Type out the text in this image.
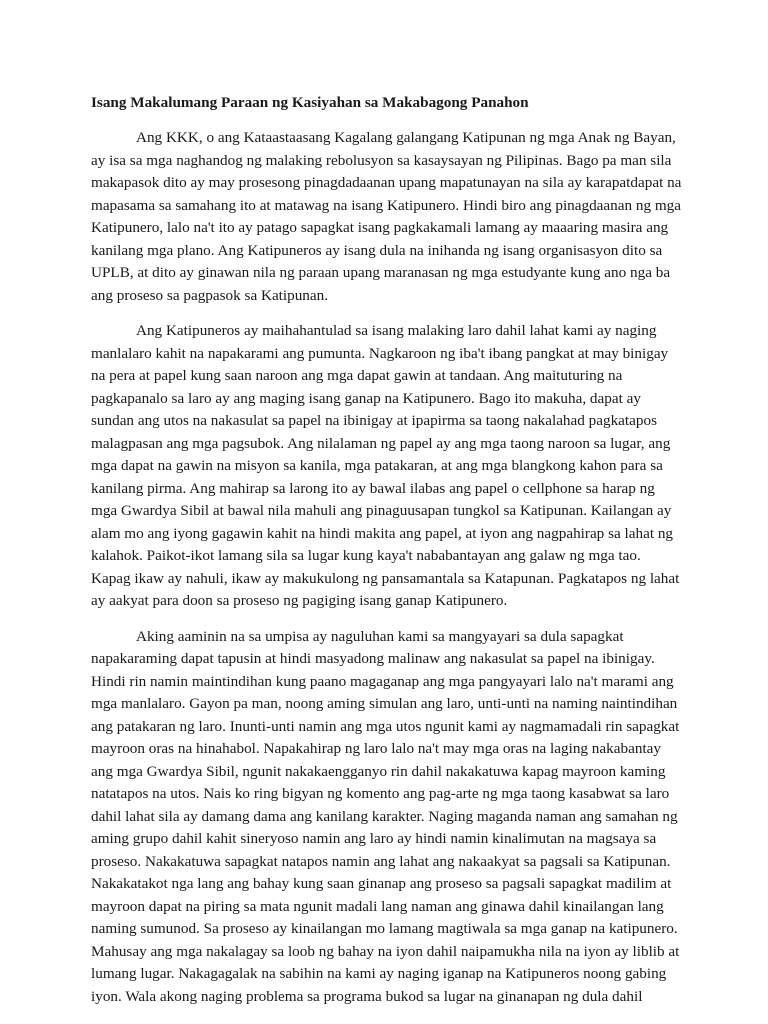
Isang Makalumang Paraan ng Kasiyahan sa Makabagong Panahon
Ang KKK, o ang Kataastaasang Kagalang galangang Katipunan ng mga Anak ng Bayan,
ay isa sa mga naghandog ng malaking rebolusyon sa kasaysayan ng Pilipinas. Bago pa man sila
makapasok dito ay may prosesong pinagdadaanan upang mapatunayan na sila ay karapatdapat na
mapasama sa samahang ito at matawag na isang Katipunero. Hindi biro ang pinagdaanan ng mga
Katipunero, lalo na't ito ay patago sapagkat isang pagkakamali lamang ay maaaring masira ang
kanilang mga plano. Ang Katipuneros ay isang dula na inihanda ng isang organisasyon dito sa
UPLB, at dito ay ginawan nila ng paraan upang maranasan ng mga estudyante kung ano nga ba
ang proseso sa pagpasok sa Katipunan.
Ang Katipuneros ay maihahantulad sa isang malaking laro dahil lahat kami ay naging
manlalaro kahit na napakarami ang pumunta. Nagkaroon ng iba't ibang pangkat at may binigay
na pera at papel kung saan naroon ang mga dapat gawin at tandaan. Ang maituturing na
pagkapanalo sa laro ay ang maging isang ganap na Katipunero. Bago ito makuha, dapat ay
sundan ang utos na nakasulat sa papel na ibinigay at ipapirma sa taong nakalahad pagkatapos
malagpasan ang mga pagsubok. Ang nilalaman ng papel ay ang mga taong naroon sa lugar, ang
mga dapat na gawin na misyon sa kanila, mga patakaran, at ang mga blangkong kahon para sa
kanilang pirma. Ang mahirap sa larong ito ay bawal ilabas ang papel o cellphone sa harap ng
mga Gwardya Sibil at bawal nila mahuli ang pinaguusapan tungkol sa Katipunan. Kailangan ay
alam mo ang iyong gagawin kahit na hindi makita ang papel, at iyon ang nagpahirap sa lahat ng
kalahok. Paikot-ikot lamang sila sa lugar kung kaya't nababantayan ang galaw ng mga tao.
Kapag ikaw ay nahuli, ikaw ay makukulong ng pansamantala sa Katapunan. Pagkatapos ng lahat
ay aakyat para doon sa proseso ng pagiging isang ganap Katipunero.
Aking aaminin na sa umpisa ay naguluhan kami sa mangyayari sa dula sapagkat
napakaraming dapat tapusin at hindi masyadong malinaw ang nakasulat sa papel na ibinigay.
Hindi rin namin maintindihan kung paano magaganap ang mga pangyayari lalo na't marami ang
mga manlalaro. Gayon pa man, noong aming simulan ang laro, unti-unti na naming naintindihan
ang patakaran ng laro. Inunti-unti namin ang mga utos ngunit kami ay nagmamadali rin sapagkat
mayroon oras na hinahabol. Napakahirap ng laro lalo na't may mga oras na laging nakabantay
ang mga Gwardya Sibil, ngunit nakakaengganyo rin dahil nakakatuwa kapag mayroon kaming
natatapos na utos. Nais ko ring bigyan ng komento ang pag-arte ng mga taong kasabwat sa laro
dahil lahat sila ay damang dama ang kanilang karakter. Naging maganda naman ang samahan ng
aming grupo dahil kahit sineryoso namin ang laro ay hindi namin kinalimutan na magsaya sa
proseso. Nakakatuwa sapagkat natapos namin ang lahat ang nakaakyat sa pagsali sa Katipunan.
Nakakatakot nga lang ang bahay kung saan ginanap ang proseso sa pagsali sapagkat madilim at
mayroon dapat na piring sa mata ngunit madali lang naman ang ginawa dahil kinailangan lang
naming sumunod. Sa proseso ay kinailangan mo lamang magtiwala sa mga ganap na katipunero.
Mahusay ang mga nakalagay sa loob ng bahay na iyon dahil naipamukha nila na iyon ay liblib at
lumang lugar. Nakagagalak na sabihin na kami ay naging iganap na Katipuneros noong gabing
iyon. Wala akong naging problema sa programa bukod sa lugar na ginanapan ng dula dahil
